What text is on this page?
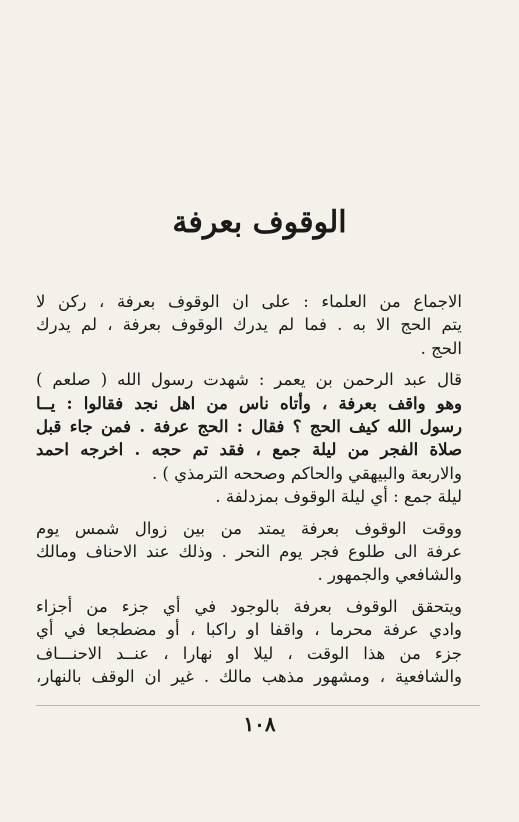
الوقوف بعرفة
الاجماع من العلماء : على ان الوقوف بعرفة ، ركن لا
يتم الحج الا به . فما لم يدرك الوقوف بعرفة ، لم يدرك
الحج .
قال عبد الرحمن بن يعمر : شهدت رسول الله ( صلعم )
وهو واقف بعرفة ، وأتاه ناس من اهل نجد فقالوا : يــا
رسول الله كيف الحج ؟ فقال : الحج عرفة . فمن جاء قبل
صلاة الفجر من ليلة جمع ، فقد تم حجه . اخرجه احمد
والاربعة والبيهقي والحاكم وصححه الترمذي ) .
ليلة جمع : أي ليلة الوقوف بمزدلفة .
ووقت الوقوف بعرفة يمتد من بين زوال شمس يوم
عرفة الى طلوع فجر يوم النحر . وذلك عند الاحناف ومالك
والشافعي والجمهور .
ويتحقق الوقوف بعرفة بالوجود في أي جزء من أجزاء
وادي عرفة محرما ، واقفا او راكبا ، أو مضطجعا في أي
جزء من هذا الوقت ، ليلا او نهارا ، عنــد الاحنـــاف
والشافعية ، ومشهور مذهب مالك . غير ان الوقف بالنهار،
١٠٨
